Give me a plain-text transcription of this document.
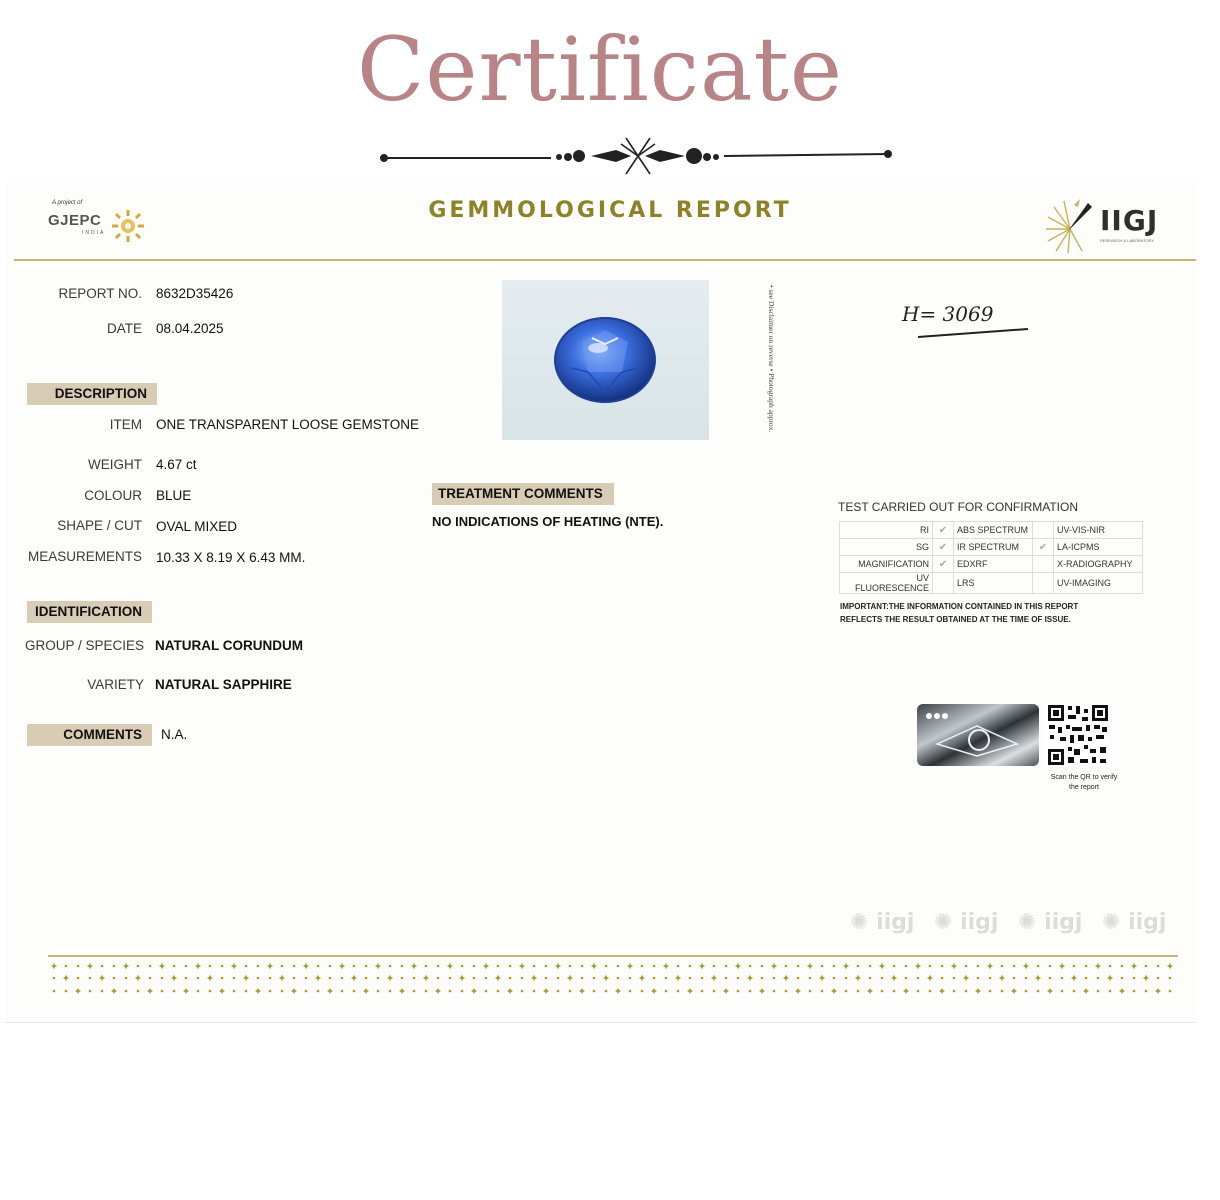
Certificate
A project of
GJEPC
INDIA
GEMMOLOGICAL REPORT	IIGJ
RESEARCH & LABORATORY
REPORT NO. 8632D35426
DATE 08.04.2025
DESCRIPTION
ITEM ONE TRANSPARENT LOOSE GEMSTONE
WEIGHT 4.67 ct
COLOUR BLUE
SHAPE / CUT OVAL MIXED
MEASUREMENTS 10.33 X 8.19 X 6.43 MM.
IDENTIFICATION
GROUP / SPECIES NATURAL CORUNDUM
VARIETY NATURAL SAPPHIRE
COMMENTS	N.A.
• see Disclaimer on reverse • Photograph approx.	H= 3069
TREATMENT COMMENTS
NO INDICATIONS OF HEATING (NTE).
TEST CARRIED OUT FOR CONFIRMATION
RI	✔	ABS SPECTRUM		UV-VIS-NIR
SG	✔	IR SPECTRUM	✔	LA-ICPMS
MAGNIFICATION	✔	EDXRF		X-RADIOGRAPHY
UV FLUORESCENCE		LRS		UV-IMAGING
IMPORTANT:THE INFORMATION CONTAINED IN THIS REPORT REFLECTS THE RESULT OBTAINED AT THE TIME OF ISSUE.
Scan the QR to verify the report
✺ iigj ✺ iigj ✺ iigj ✺ iigj
